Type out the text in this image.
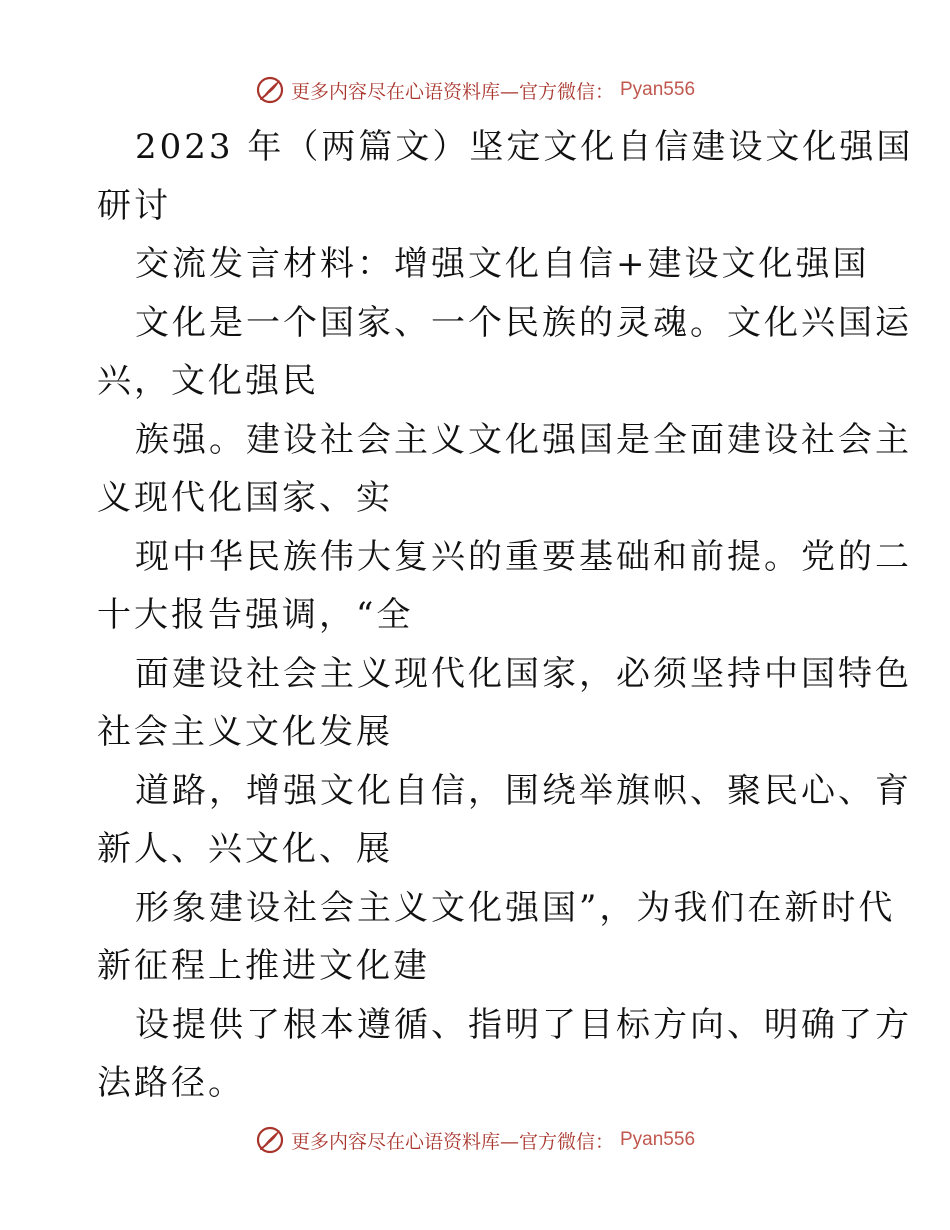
更多内容尽在心语资料库—官方微信： Pyan556
2023 年（两篇文）坚定文化自信建设文化强国
研讨
交流发言材料：增强文化自信+建设文化强国
文化是一个国家、一个民族的灵魂。文化兴国运
兴，文化强民
族强。建设社会主义文化强国是全面建设社会主
义现代化国家、实
现中华民族伟大复兴的重要基础和前提。党的二
十大报告强调，“全
面建设社会主义现代化国家，必须坚持中国特色
社会主义文化发展
道路，增强文化自信，围绕举旗帜、聚民心、育
新人、兴文化、展
形象建设社会主义文化强国”，为我们在新时代
新征程上推进文化建
设提供了根本遵循、指明了目标方向、明确了方
法路径。
更多内容尽在心语资料库—官方微信： Pyan556
